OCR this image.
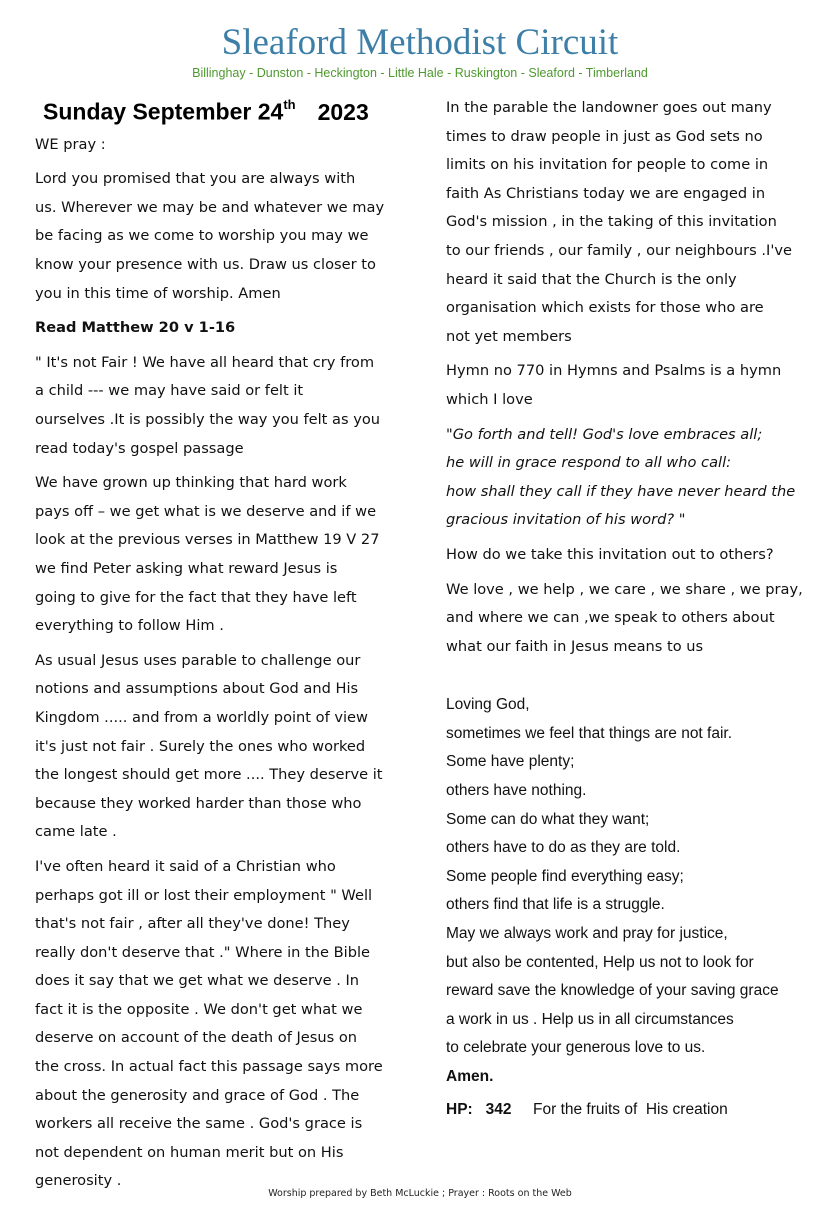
Sleaford Methodist Circuit
Billinghay - Dunston - Heckington - Little Hale - Ruskington - Sleaford - Timberland
Sunday September 24th 2023
WE pray :
Lord you promised that you are always with
us. Wherever we may be and whatever we may
be facing as we come to worship you may we
know your presence with us. Draw us closer to
you in this time of worship. Amen
Read Matthew 20 v 1-16
" It's not Fair ! We have all heard that cry from
a child --- we may have said or felt it
ourselves .It is possibly the way you felt as you
read today's gospel passage
We have grown up thinking that hard work
pays off – we get what is we deserve and if we
look at the previous verses in Matthew 19 V 27
we find Peter asking what reward Jesus is
going to give for the fact that they have left
everything to follow Him .
As usual Jesus uses parable to challenge our
notions and assumptions about God and His
Kingdom ..... and from a worldly point of view
it's just not fair . Surely the ones who worked
the longest should get more .... They deserve it
because they worked harder than those who
came late .
I've often heard it said of a Christian who
perhaps got ill or lost their employment " Well
that's not fair , after all they've done! They
really don't deserve that ." Where in the Bible
does it say that we get what we deserve . In
fact it is the opposite . We don't get what we
deserve on account of the death of Jesus on
the cross. In actual fact this passage says more
about the generosity and grace of God . The
workers all receive the same . God's grace is
not dependent on human merit but on His
generosity .
In the parable the landowner goes out many
times to draw people in just as God sets no
limits on his invitation for people to come in
faith As Christians today we are engaged in
God's mission , in the taking of this invitation
to our friends , our family , our neighbours .I've
heard it said that the Church is the only
organisation which exists for those who are
not yet members
Hymn no 770 in Hymns and Psalms is a hymn
which I love
"Go forth and tell! God's love embraces all;
he will in grace respond to all who call:
how shall they call if they have never heard the
gracious invitation of his word? "
How do we take this invitation out to others?
We love , we help , we care , we share , we pray,
and where we can ,we speak to others about
what our faith in Jesus means to us
Loving God,
sometimes we feel that things are not fair.
Some have plenty;
others have nothing.
Some can do what they want;
others have to do as they are told.
Some people find everything easy;
others find that life is a struggle.
May we always work and pray for justice,
but also be contented, Help us not to look for
reward save the knowledge of your saving grace
a work in us . Help us in all circumstances
to celebrate your generous love to us.
Amen.
HP:   342     For the fruits of  His creation
Worship prepared by Beth McLuckie ; Prayer : Roots on the Web
